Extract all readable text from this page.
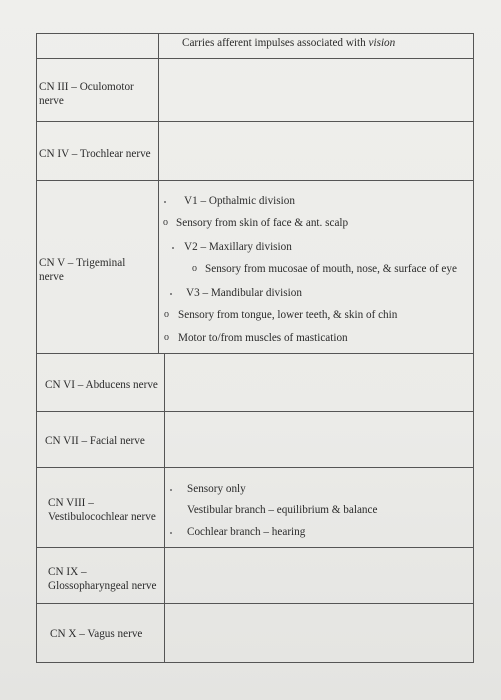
Carries afferent impulses associated with vision
CN III – Oculomotor nerve
CN IV – Trochlear nerve
CN V – Trigeminal nerve
CN VI – Abducens nerve
CN VII – Facial nerve
CN VIII – Vestibulocochlear nerve
CN IX – Glossopharyngeal nerve
CN X – Vagus nerve
V1 – Opthalmic division
o Sensory from skin of face & ant. scalp
V2 – Maxillary division
o Sensory from mucosae of mouth, nose, & surface of eye
V3 – Mandibular division
o Sensory from tongue, lower teeth, & skin of chin
o Motor to/from muscles of mastication
Sensory only
Vestibular branch – equilibrium & balance
Cochlear branch – hearing
